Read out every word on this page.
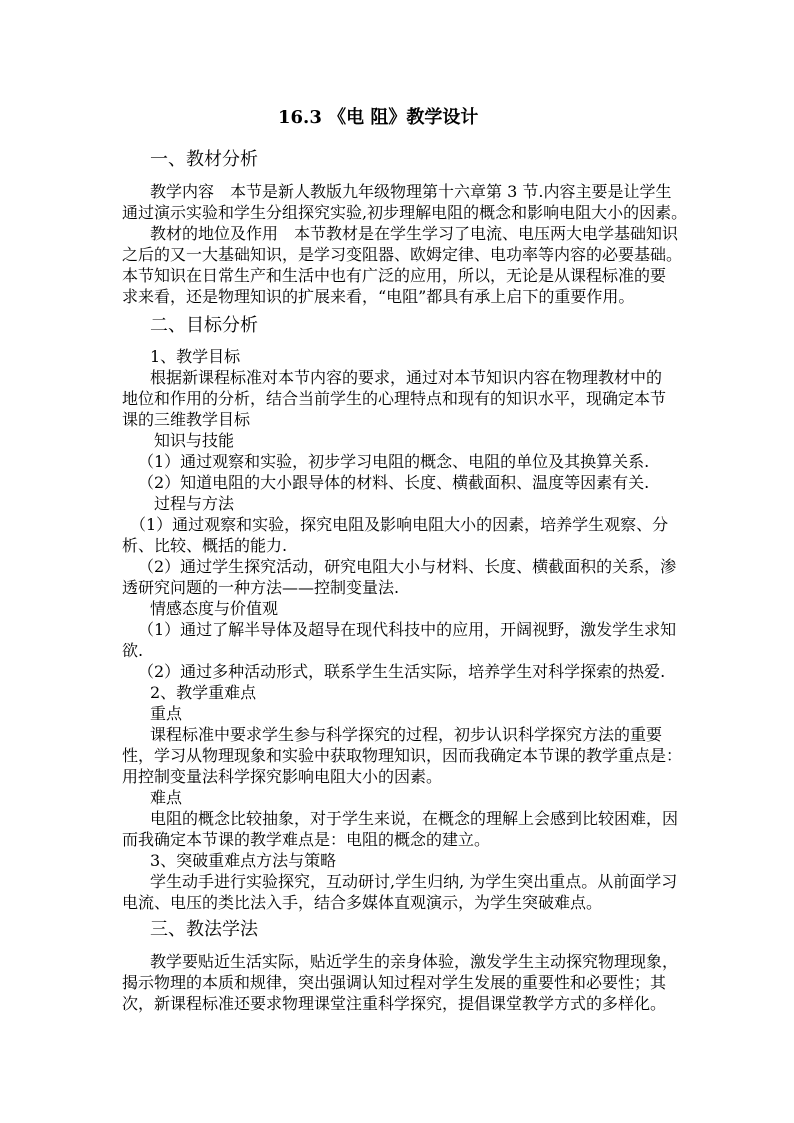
16.3 《电 阻》教学设计
一、教材分析
教学内容　本节是新人教版九年级物理第十六章第 3 节.内容主要是让学生
通过演示实验和学生分组探究实验,初步理解电阻的概念和影响电阻大小的因素。
教材的地位及作用　本节教材是在学生学习了电流、电压两大电学基础知识
之后的又一大基础知识，是学习变阻器、欧姆定律、电功率等内容的必要基础。
本节知识在日常生产和生活中也有广泛的应用，所以，无论是从课程标准的要
求来看，还是物理知识的扩展来看，“电阻”都具有承上启下的重要作用。
二、目标分析
1、教学目标
根据新课程标准对本节内容的要求，通过对本节知识内容在物理教材中的
地位和作用的分析，结合当前学生的心理特点和现有的知识水平，现确定本节
课的三维教学目标
知识与技能
（1）通过观察和实验，初步学习电阻的概念、电阻的单位及其换算关系.
（2）知道电阻的大小跟导体的材料、长度、横截面积、温度等因素有关.
过程与方法
（1）通过观察和实验，探究电阻及影响电阻大小的因素，培养学生观察、分
析、比较、概括的能力.
（2）通过学生探究活动，研究电阻大小与材料、长度、横截面积的关系，渗
透研究问题的一种方法——控制变量法.
情感态度与价值观
（1）通过了解半导体及超导在现代科技中的应用，开阔视野，激发学生求知
欲.
（2）通过多种活动形式，联系学生生活实际，培养学生对科学探索的热爱.
2、教学重难点
重点
课程标准中要求学生参与科学探究的过程，初步认识科学探究方法的重要
性，学习从物理现象和实验中获取物理知识，因而我确定本节课的教学重点是：
用控制变量法科学探究影响电阻大小的因素。
难点
电阻的概念比较抽象，对于学生来说，在概念的理解上会感到比较困难，因
而我确定本节课的教学难点是：电阻的概念的建立。
3、突破重难点方法与策略
学生动手进行实验探究，互动研讨,学生归纳, 为学生突出重点。从前面学习
电流、电压的类比法入手，结合多媒体直观演示，为学生突破难点。
三、教法学法
教学要贴近生活实际，贴近学生的亲身体验，激发学生主动探究物理现象，
揭示物理的本质和规律，突出强调认知过程对学生发展的重要性和必要性；其
次，新课程标准还要求物理课堂注重科学探究，提倡课堂教学方式的多样化。
